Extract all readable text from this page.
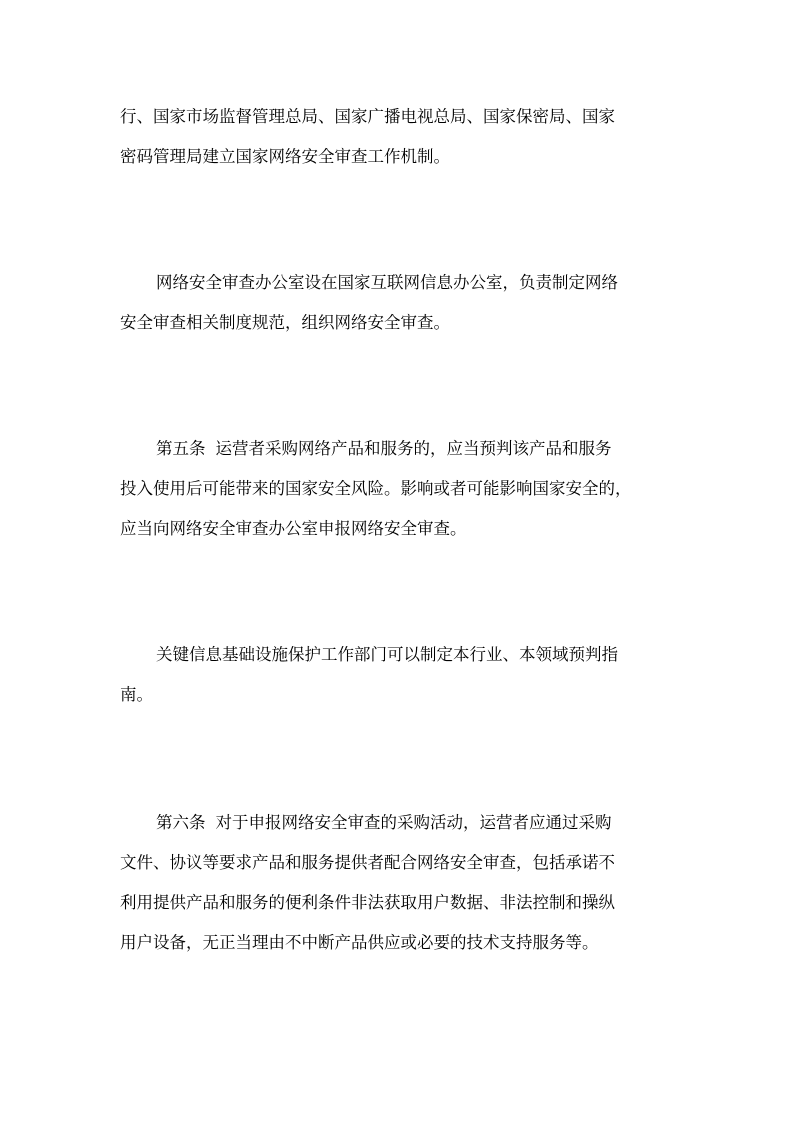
行、国家市场监督管理总局、国家广播电视总局、国家保密局、国家
密码管理局建立国家网络安全审查工作机制。
网络安全审查办公室设在国家互联网信息办公室，负责制定网络
安全审查相关制度规范，组织网络安全审查。
第五条 运营者采购网络产品和服务的，应当预判该产品和服务
投入使用后可能带来的国家安全风险。影响或者可能影响国家安全的，
应当向网络安全审查办公室申报网络安全审查。
关键信息基础设施保护工作部门可以制定本行业、本领域预判指
南。
第六条 对于申报网络安全审查的采购活动，运营者应通过采购
文件、协议等要求产品和服务提供者配合网络安全审查，包括承诺不
利用提供产品和服务的便利条件非法获取用户数据、非法控制和操纵
用户设备，无正当理由不中断产品供应或必要的技术支持服务等。
